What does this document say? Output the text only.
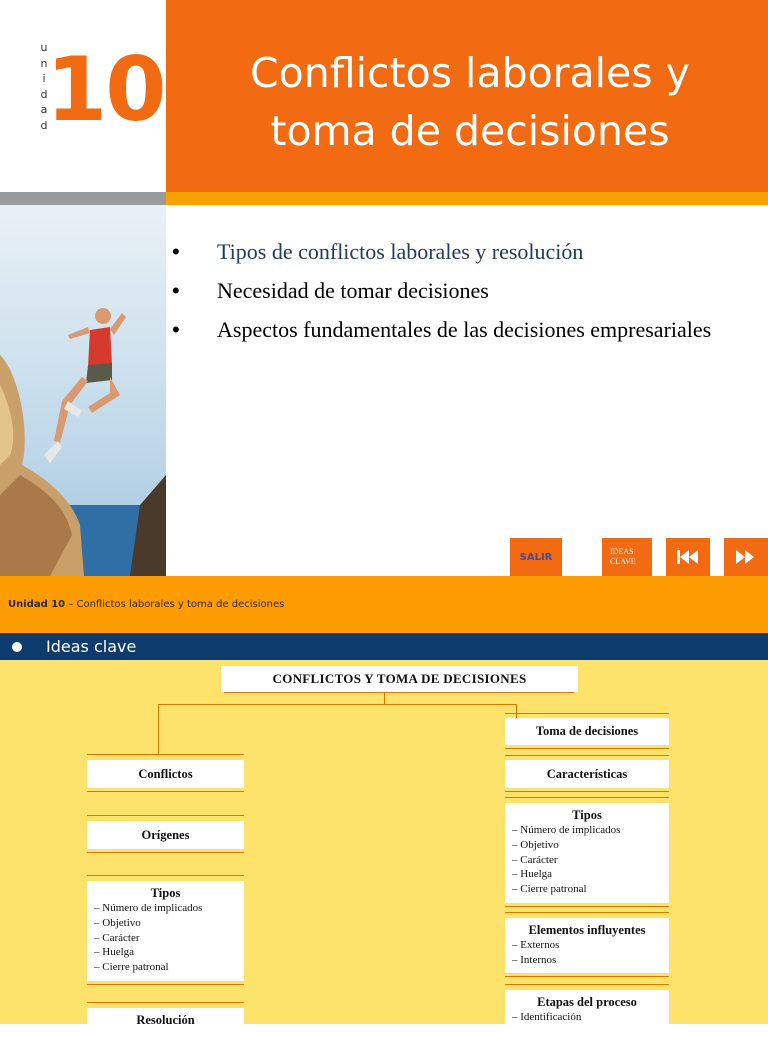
u
n
i
d
a
d
10	Conflictos laborales y
toma de decisiones
•	Tipos de conflictos laborales y resolución
•	Necesidad de tomar decisiones
•	Aspectos fundamentales de las decisiones empresariales
SALIR	IDEAS
CLAVE
Unidad 10 – Conflictos laborales y toma de decisiones
Ideas clave
CONFLICTOS Y TOMA DE DECISIONES
Conflictos
Orígenes
Tipos
– Número de implicados
– Objetivo
– Carácter
– Huelga
– Cierre patronal
Resolución
Toma de decisiones
Características
Tipos
– Número de implicados
– Objetivo
– Carácter
– Huelga
– Cierre patronal
Elementos influyentes
– Externos
– Internos
Etapas del proceso
– Identificación
